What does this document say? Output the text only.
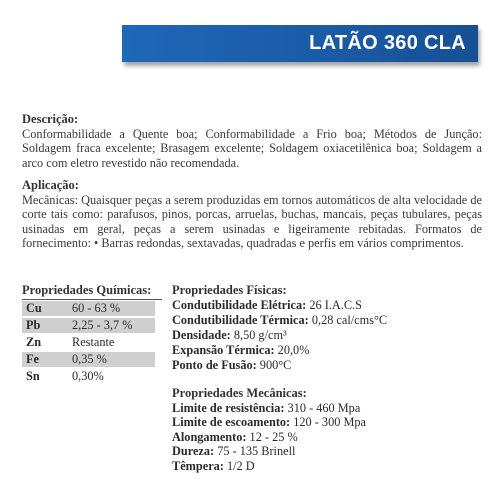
LATÃO 360 CLA
Descrição:
Conformabilidade a Quente boa; Conformabilidade a Frio boa; Métodos de Junção: Soldagem fraca excelente; Brasagem excelente; Soldagem oxiacetilênica boa; Soldagem a arco com eletro revestido não recomendada.
Aplicação:
Mecânicas: Quaisquer peças a serem produzidas em tornos automáticos de alta velocidade de corte tais como: parafusos, pinos, porcas, arruelas, buchas, mancais, peças tubulares, peças usinadas em geral, peças a serem usinadas e ligeiramente rebitadas. Formatos de fornecimento: • Barras redondas, sextavadas, quadradas e perfis em vários comprimentos.
Propriedades Químicas:
Cu	60 - 63 %
Pb	2,25 - 3,7 %
Zn	Restante
Fe	0,35 %
Sn	0,30%
Propriedades Físicas:
Condutibilidade Elétrica: 26 I.A.C.S
Condutibilidade Térmica: 0,28 cal/cms°C
Densidade: 8,50 g/cm³
Expansão Térmica: 20,0%
Ponto de Fusão: 900°C
Propriedades Mecânicas:
Limite de resistência: 310 - 460 Mpa
Limite de escoamento: 120 - 300 Mpa
Alongamento: 12 - 25 %
Dureza: 75 - 135 Brinell
Têmpera: 1/2 D
